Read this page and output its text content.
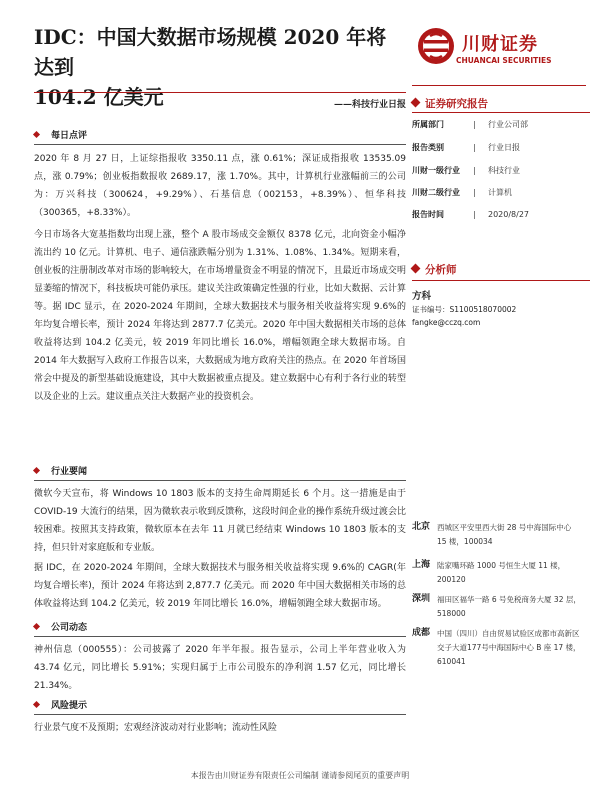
IDC：中国大数据市场规模 2020 年将达到
104.2 亿美元	——科技行业日报
川财证券
CHUANCAI SECURITIES
每日点评
2020 年 8 月 27 日，上证综指报收 3350.11 点，涨 0.61%；深证成指报收 13535.09 点，涨 0.79%；创业板指数报收 2689.17，涨 1.70%。其中，计算机行业涨幅前三的公司为：万兴科技（300624，+9.29%）、石基信息（002153，+8.39%）、恒华科技（300365，+8.33%）。
今日市场各大宽基指数均出现上涨，整个 A 股市场成交金额仅 8378 亿元，北向资金小幅净流出约 10 亿元。计算机、电子、通信涨跌幅分别为 1.31%、1.08%、1.34%。短期来看，创业板的注册制改革对市场的影响较大，在市场增量资金不明显的情况下，且最近市场成交明显萎缩的情况下，科技板块可能仍承压。建议关注政策确定性强的行业，比如大数据、云计算等。据 IDC 显示，在 2020-2024 年期间，全球大数据技术与服务相关收益将实现 9.6%的年均复合增长率，预计 2024 年将达到 2877.7 亿美元。2020 年中国大数据相关市场的总体收益将达到 104.2 亿美元，较 2019 年同比增长 16.0%，增幅领跑全球大数据市场。自 2014 年大数据写入政府工作报告以来，大数据成为地方政府关注的热点。在 2020 年首场国常会中提及的新型基础设施建设，其中大数据被重点提及。建立数据中心有利于各行业的转型以及企业的上云。建议重点关注大数据产业的投资机会。
行业要闻
微软今天宣布，将 Windows 10 1803 版本的支持生命周期延长 6 个月。这一措施是由于 COVID-19 大流行的结果，因为微软表示收到反馈称，这段时间企业的操作系统升级过渡会比较困难。按照其支持政策，微软原本在去年 11 月就已经结束 Windows 10 1803 版本的支持，但只针对家庭版和专业版。
据 IDC，在 2020-2024 年期间，全球大数据技术与服务相关收益将实现 9.6%的 CAGR(年均复合增长率)，预计 2024 年将达到 2,877.7 亿美元。而 2020 年中国大数据相关市场的总体收益将达到 104.2 亿美元，较 2019 年同比增长 16.0%，增幅领跑全球大数据市场。
公司动态
神州信息（000555）：公司披露了 2020 年半年报。报告显示，公司上半年营业收入为 43.74 亿元，同比增长 5.91%；实现归属于上市公司股东的净利润 1.57 亿元，同比增长 21.34%。
风险提示
行业景气度不及预期；宏观经济波动对行业影响；流动性风险
证券研究报告
所属部门	| 行业公司部
报告类别	| 行业日报
川财一级行业 | 科技行业
川财二级行业 | 计算机
报告时间	| 2020/8/27
分析师
方科
证书编号：S1100518070002
fangke@cczq.com
北京 西城区平安里西大街 28 号中海国际中心 15 楼，100034
上海 陆家嘴环路 1000 号恒生大厦 11 楼，200120
深圳 福田区福华一路 6 号免税商务大厦 32 层，518000
成都 中国（四川）自由贸易试验区成都市高新区交子大道177号中海国际中心 B 座 17 楼，610041
本报告由川财证券有限责任公司编制 谨请参阅尾页的重要声明
